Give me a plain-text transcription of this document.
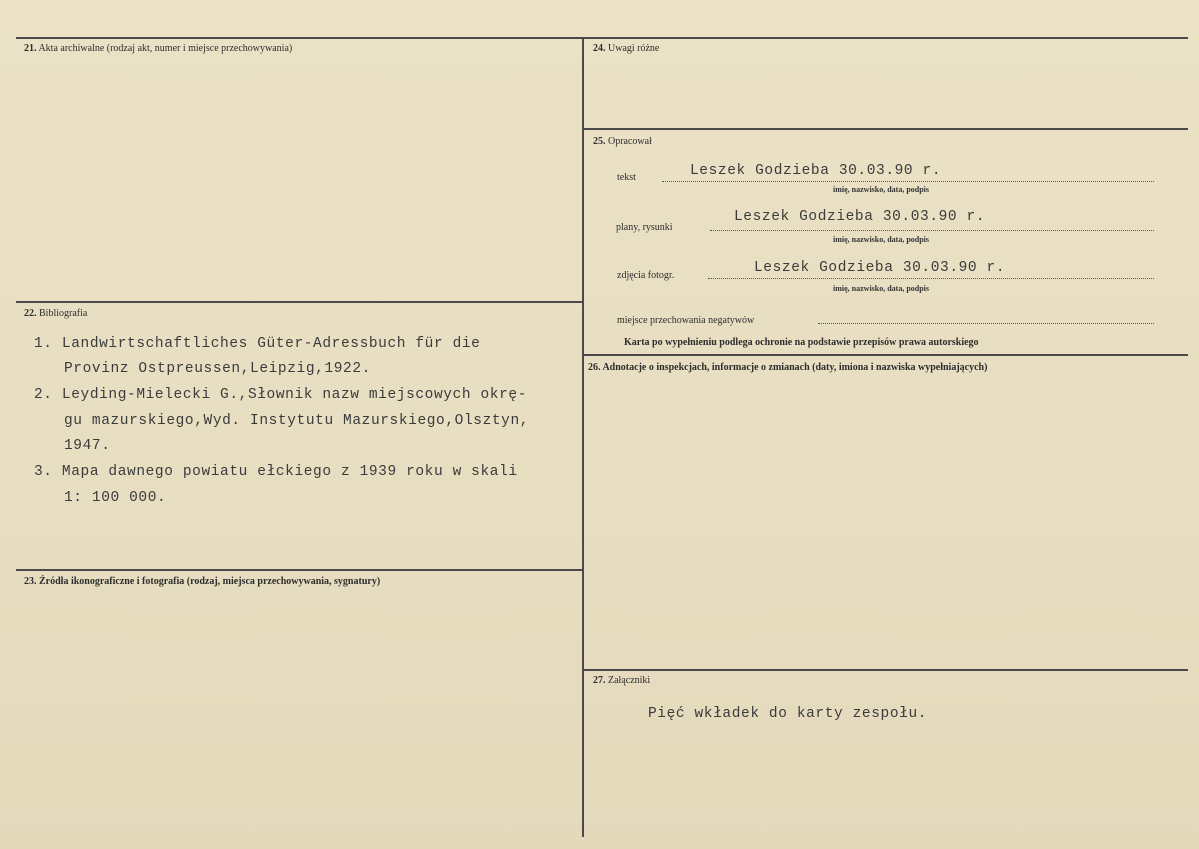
21. Akta archiwalne (rodzaj akt, numer i miejsce przechowywania)
22. Bibliografia
1. Landwirtschaftliches Güter-Adressbuch für die
Provinz Ostpreussen,Leipzig,1922.
2. Leyding-Mielecki G.,Słownik nazw miejscowych okrę-
gu mazurskiego,Wyd. Instytutu Mazurskiego,Olsztyn,
1947.
3. Mapa dawnego powiatu ełckiego z 1939 roku w skali
1: 100 000.
23. Źródła ikonograficzne i fotografia (rodzaj, miejsca przechowywania, sygnatury)
24. Uwagi różne
25. Opracował
tekst	Leszek Godzieba 30.03.90 r.
imię, nazwisko, data, podpis
plany, rysunki
Leszek Godzieba 30.03.90 r.
imię, nazwisko, data, podpis
zdjęcia fotogr.	Leszek Godzieba 30.03.90 r.
imię, nazwisko, data, podpis
miejsce przechowania negatywów
Karta po wypełnieniu podlega ochronie na podstawie przepisów prawa autorskiego
26. Adnotacje o inspekcjach, informacje o zmianach (daty, imiona i nazwiska wypełniających)
27. Załączniki
Pięć wkładek do karty zespołu.
